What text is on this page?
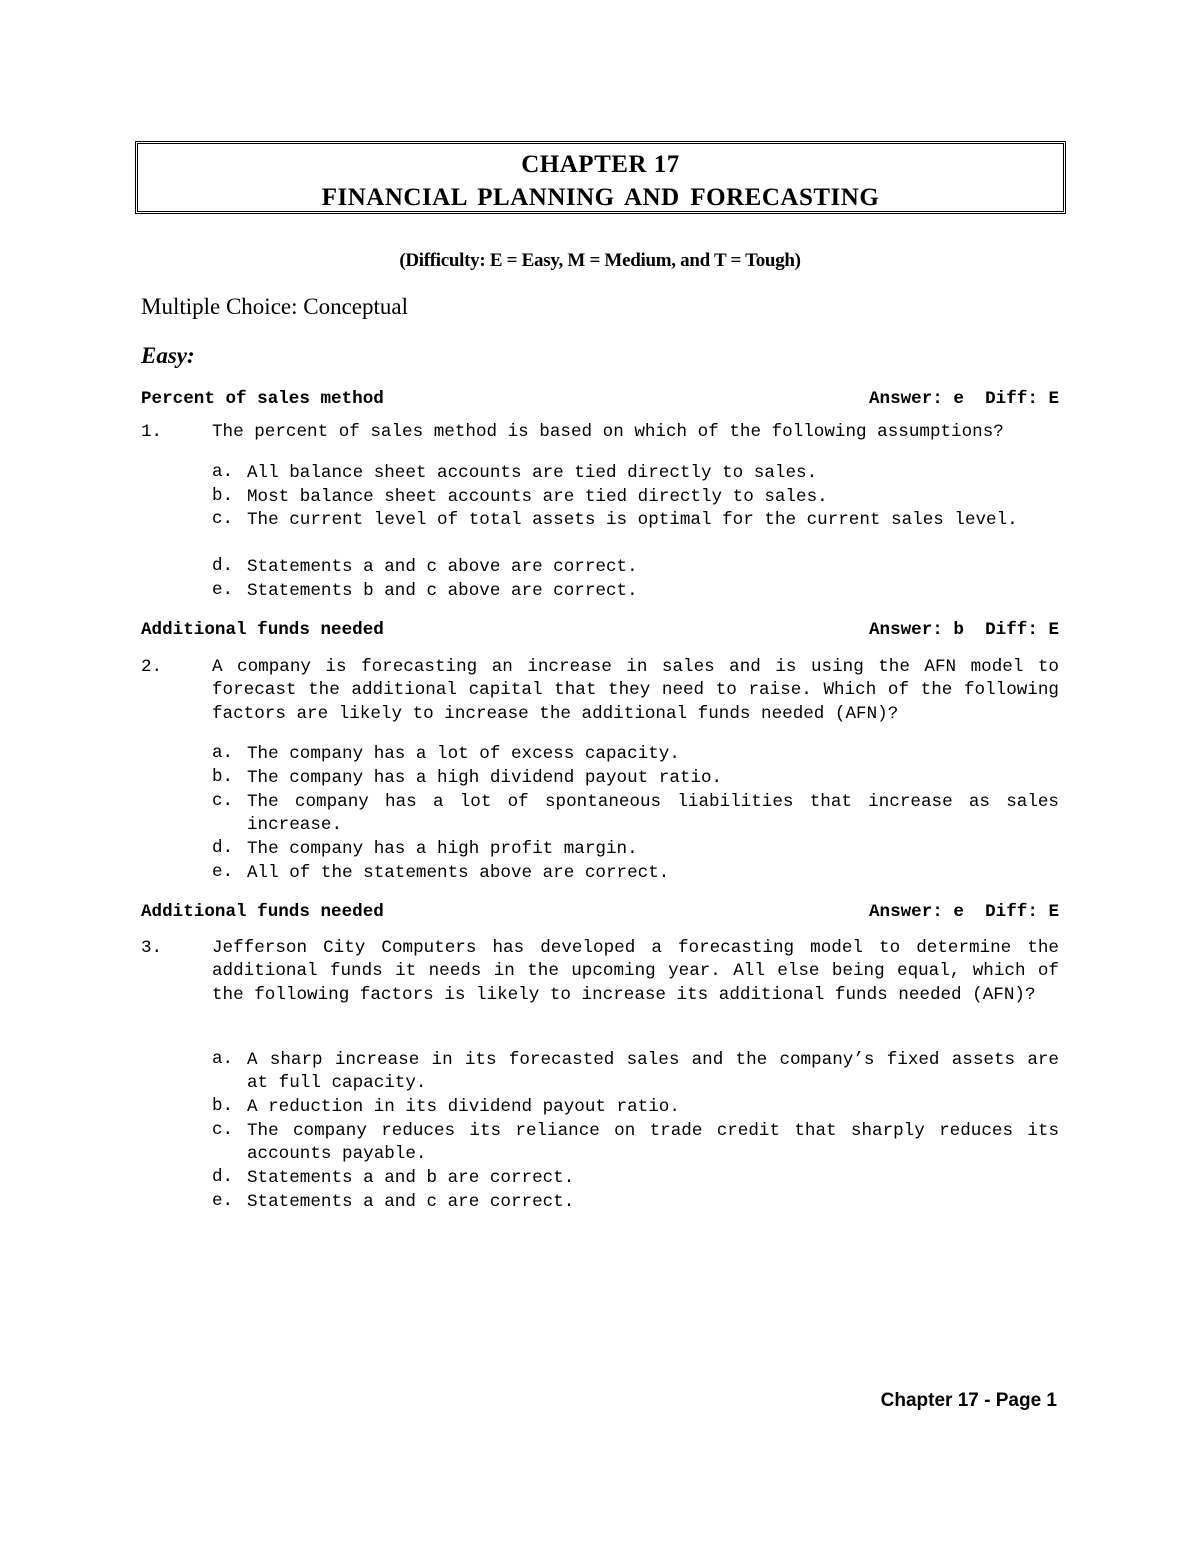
CHAPTER 17
FINANCIAL PLANNING AND FORECASTING
(Difficulty: E = Easy, M = Medium, and T = Tough)
Multiple Choice: Conceptual
Easy:

Percent of sales method

	Answer: e  Diff: E

1.	The percent of sales method is based on which of the following assumptions?
a. All balance sheet accounts are tied directly to sales.
b. Most balance sheet accounts are tied directly to sales.
c. The current level of total assets is optimal for the current sales level.
d. Statements a and c above are correct.
e. Statements b and c above are correct.

Additional funds needed

	Answer: b  Diff: E

2.	A company is forecasting an increase in sales and is using the AFN model to forecast the additional capital that they need to raise. Which of the following factors are likely to increase the additional funds needed (AFN)?
a. The company has a lot of excess capacity.
b. The company has a high dividend payout ratio.
c. The company has a lot of spontaneous liabilities that increase as sales increase.
d. The company has a high profit margin.
e. All of the statements above are correct.

Additional funds needed

	Answer: e  Diff: E

3.	Jefferson City Computers has developed a forecasting model to determine the additional funds it needs in the upcoming year. All else being equal, which of the following factors is likely to increase its additional funds needed (AFN)?
a. A sharp increase in its forecasted sales and the company’s fixed assets are at full capacity.
b. A reduction in its dividend payout ratio.
c. The company reduces its reliance on trade credit that sharply reduces its accounts payable.
d. Statements a and b are correct.
e. Statements a and c are correct.
Chapter 17 - Page 1
